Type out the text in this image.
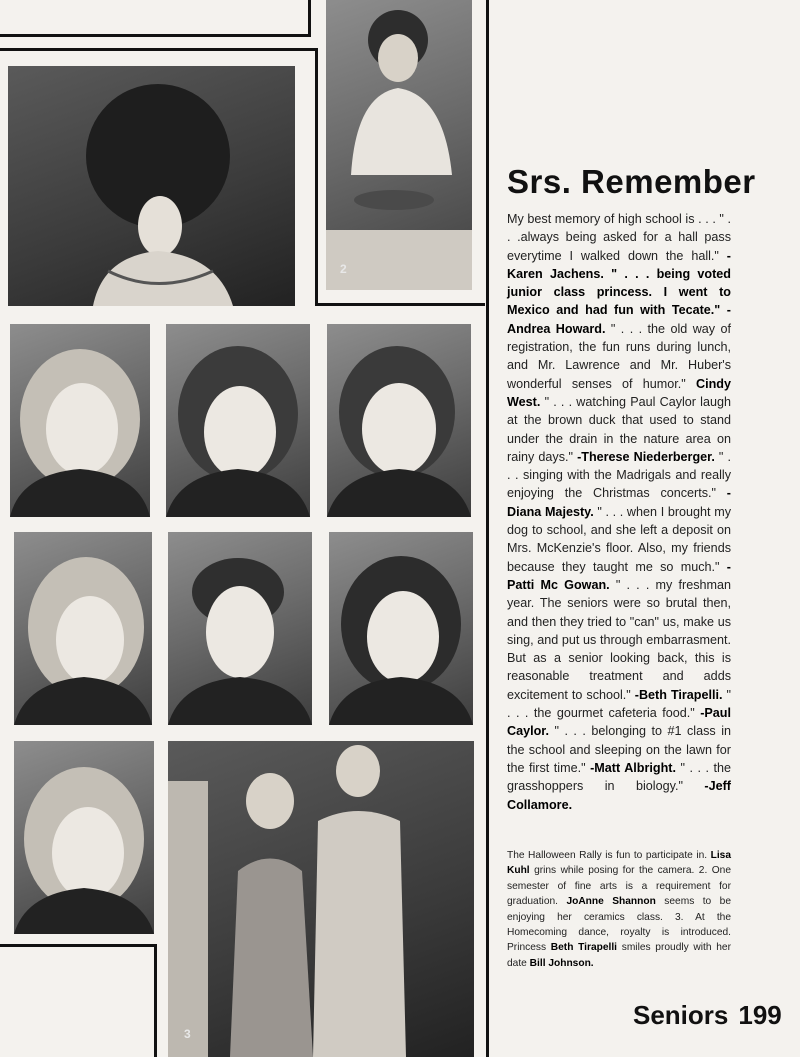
2
3
Srs. Remember
My best memory of high school is . . . " . . .always being asked for a hall pass everytime I walked down the hall." -Karen Jachens. " . . . being voted junior class princess. I went to Mexico and had fun with Tecate." -Andrea Howard. " . . . the old way of registration, the fun runs during lunch, and Mr. Lawrence and Mr. Huber's wonderful senses of humor." Cindy West. " . . . watching Paul Caylor laugh at the brown duck that used to stand under the drain in the nature area on rainy days." -Therese Niederberger. " . . . singing with the Madrigals and really enjoying the Christmas concerts." -Diana Majesty. " . . . when I brought my dog to school, and she left a deposit on Mrs. McKenzie's floor. Also, my friends because they taught me so much." -Patti Mc Gowan. " . . . my freshman year. The seniors were so brutal then, and then they tried to "can" us, make us sing, and put us through embarrasment. But as a senior looking back, this is reasonable treatment and adds excitement to school." -Beth Tirapelli. " . . . the gourmet cafeteria food." -Paul Caylor. " . . . belonging to #1 class in the school and sleeping on the lawn for the first time." -Matt Albright. " . . . the grasshoppers in biology." -Jeff Collamore.
The Halloween Rally is fun to participate in. Lisa Kuhl grins while posing for the camera. 2. One semester of fine arts is a requirement for graduation. JoAnne Shannon seems to be enjoying her ceramics class. 3. At the Homecoming dance, royalty is introduced. Princess Beth Tirapelli smiles proudly with her date Bill Johnson.
Seniors 199
